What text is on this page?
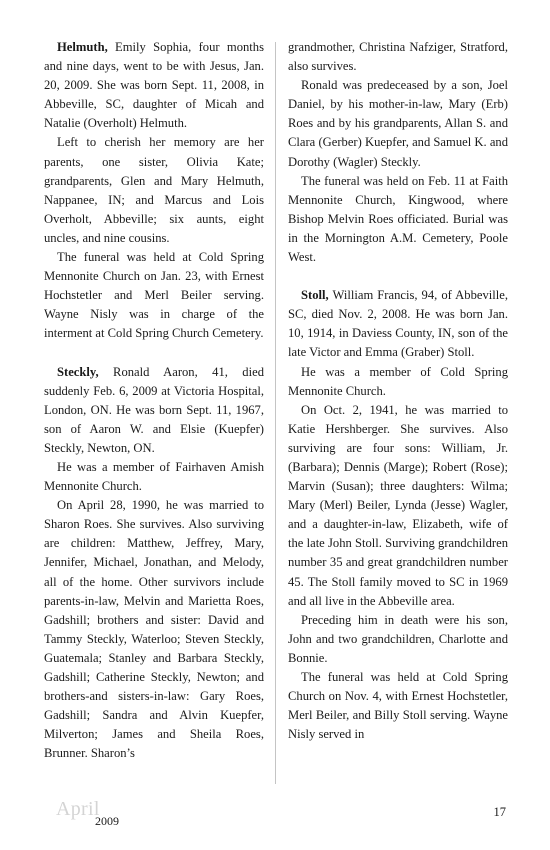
Helmuth, Emily Sophia, four months and nine days, went to be with Jesus, Jan. 20, 2009. She was born Sept. 11, 2008, in Abbeville, SC, daughter of Micah and Natalie (Overholt) Helmuth.

Left to cherish her memory are her parents, one sister, Olivia Kate; grandparents, Glen and Mary Helmuth, Nappanee, IN; and Marcus and Lois Overholt, Abbeville; six aunts, eight uncles, and nine cousins.

The funeral was held at Cold Spring Mennonite Church on Jan. 23, with Ernest Hochstetler and Merl Beiler serving. Wayne Nisly was in charge of the interment at Cold Spring Church Cemetery.

Steckly, Ronald Aaron, 41, died suddenly Feb. 6, 2009 at Victoria Hospital, London, ON. He was born Sept. 11, 1967, son of Aaron W. and Elsie (Kuepfer) Steckly, Newton, ON.

He was a member of Fairhaven Amish Mennonite Church.

On April 28, 1990, he was married to Sharon Roes. She survives. Also surviving are children: Matthew, Jeffrey, Mary, Jennifer, Michael, Jonathan, and Melody, all of the home. Other survivors include parents-in-law, Melvin and Marietta Roes, Gadshill; brothers and sister: David and Tammy Steckly, Waterloo; Steven Steckly, Guatemala; Stanley and Barbara Steckly, Gadshill; Catherine Steckly, Newton; and brothers-and sisters-in-law: Gary Roes, Gadshill; Sandra and Alvin Kuepfer, Milverton; James and Sheila Roes, Brunner. Sharon’s

grandmother, Christina Nafziger, Stratford, also survives.

Ronald was predeceased by a son, Joel Daniel, by his mother-in-law, Mary (Erb) Roes and by his grandparents, Allan S. and Clara (Gerber) Kuepfer, and Samuel K. and Dorothy (Wagler) Steckly.

The funeral was held on Feb. 11 at Faith Mennonite Church, Kingwood, where Bishop Melvin Roes officiated. Burial was in the Mornington A.M. Cemetery, Poole West.

Stoll, William Francis, 94, of Abbeville, SC, died Nov. 2, 2008. He was born Jan. 10, 1914, in Daviess County, IN, son of the late Victor and Emma (Graber) Stoll.

He was a member of Cold Spring Mennonite Church.

On Oct. 2, 1941, he was married to Katie Hershberger. She survives. Also surviving are four sons: William, Jr. (Barbara); Dennis (Marge); Robert (Rose); Marvin (Susan); three daughters: Wilma; Mary (Merl) Beiler, Lynda (Jesse) Wagler, and a daughter-in-law, Elizabeth, wife of the late John Stoll. Surviving grandchildren number 35 and great grandchildren number 45. The Stoll family moved to SC in 1969 and all live in the Abbeville area.

Preceding him in death were his son, John and two grandchildren, Charlotte and Bonnie.

The funeral was held at Cold Spring Church on Nov. 4, with Ernest Hochstetler, Merl Beiler, and Billy Stoll serving. Wayne Nisly served in

April
2009
17
